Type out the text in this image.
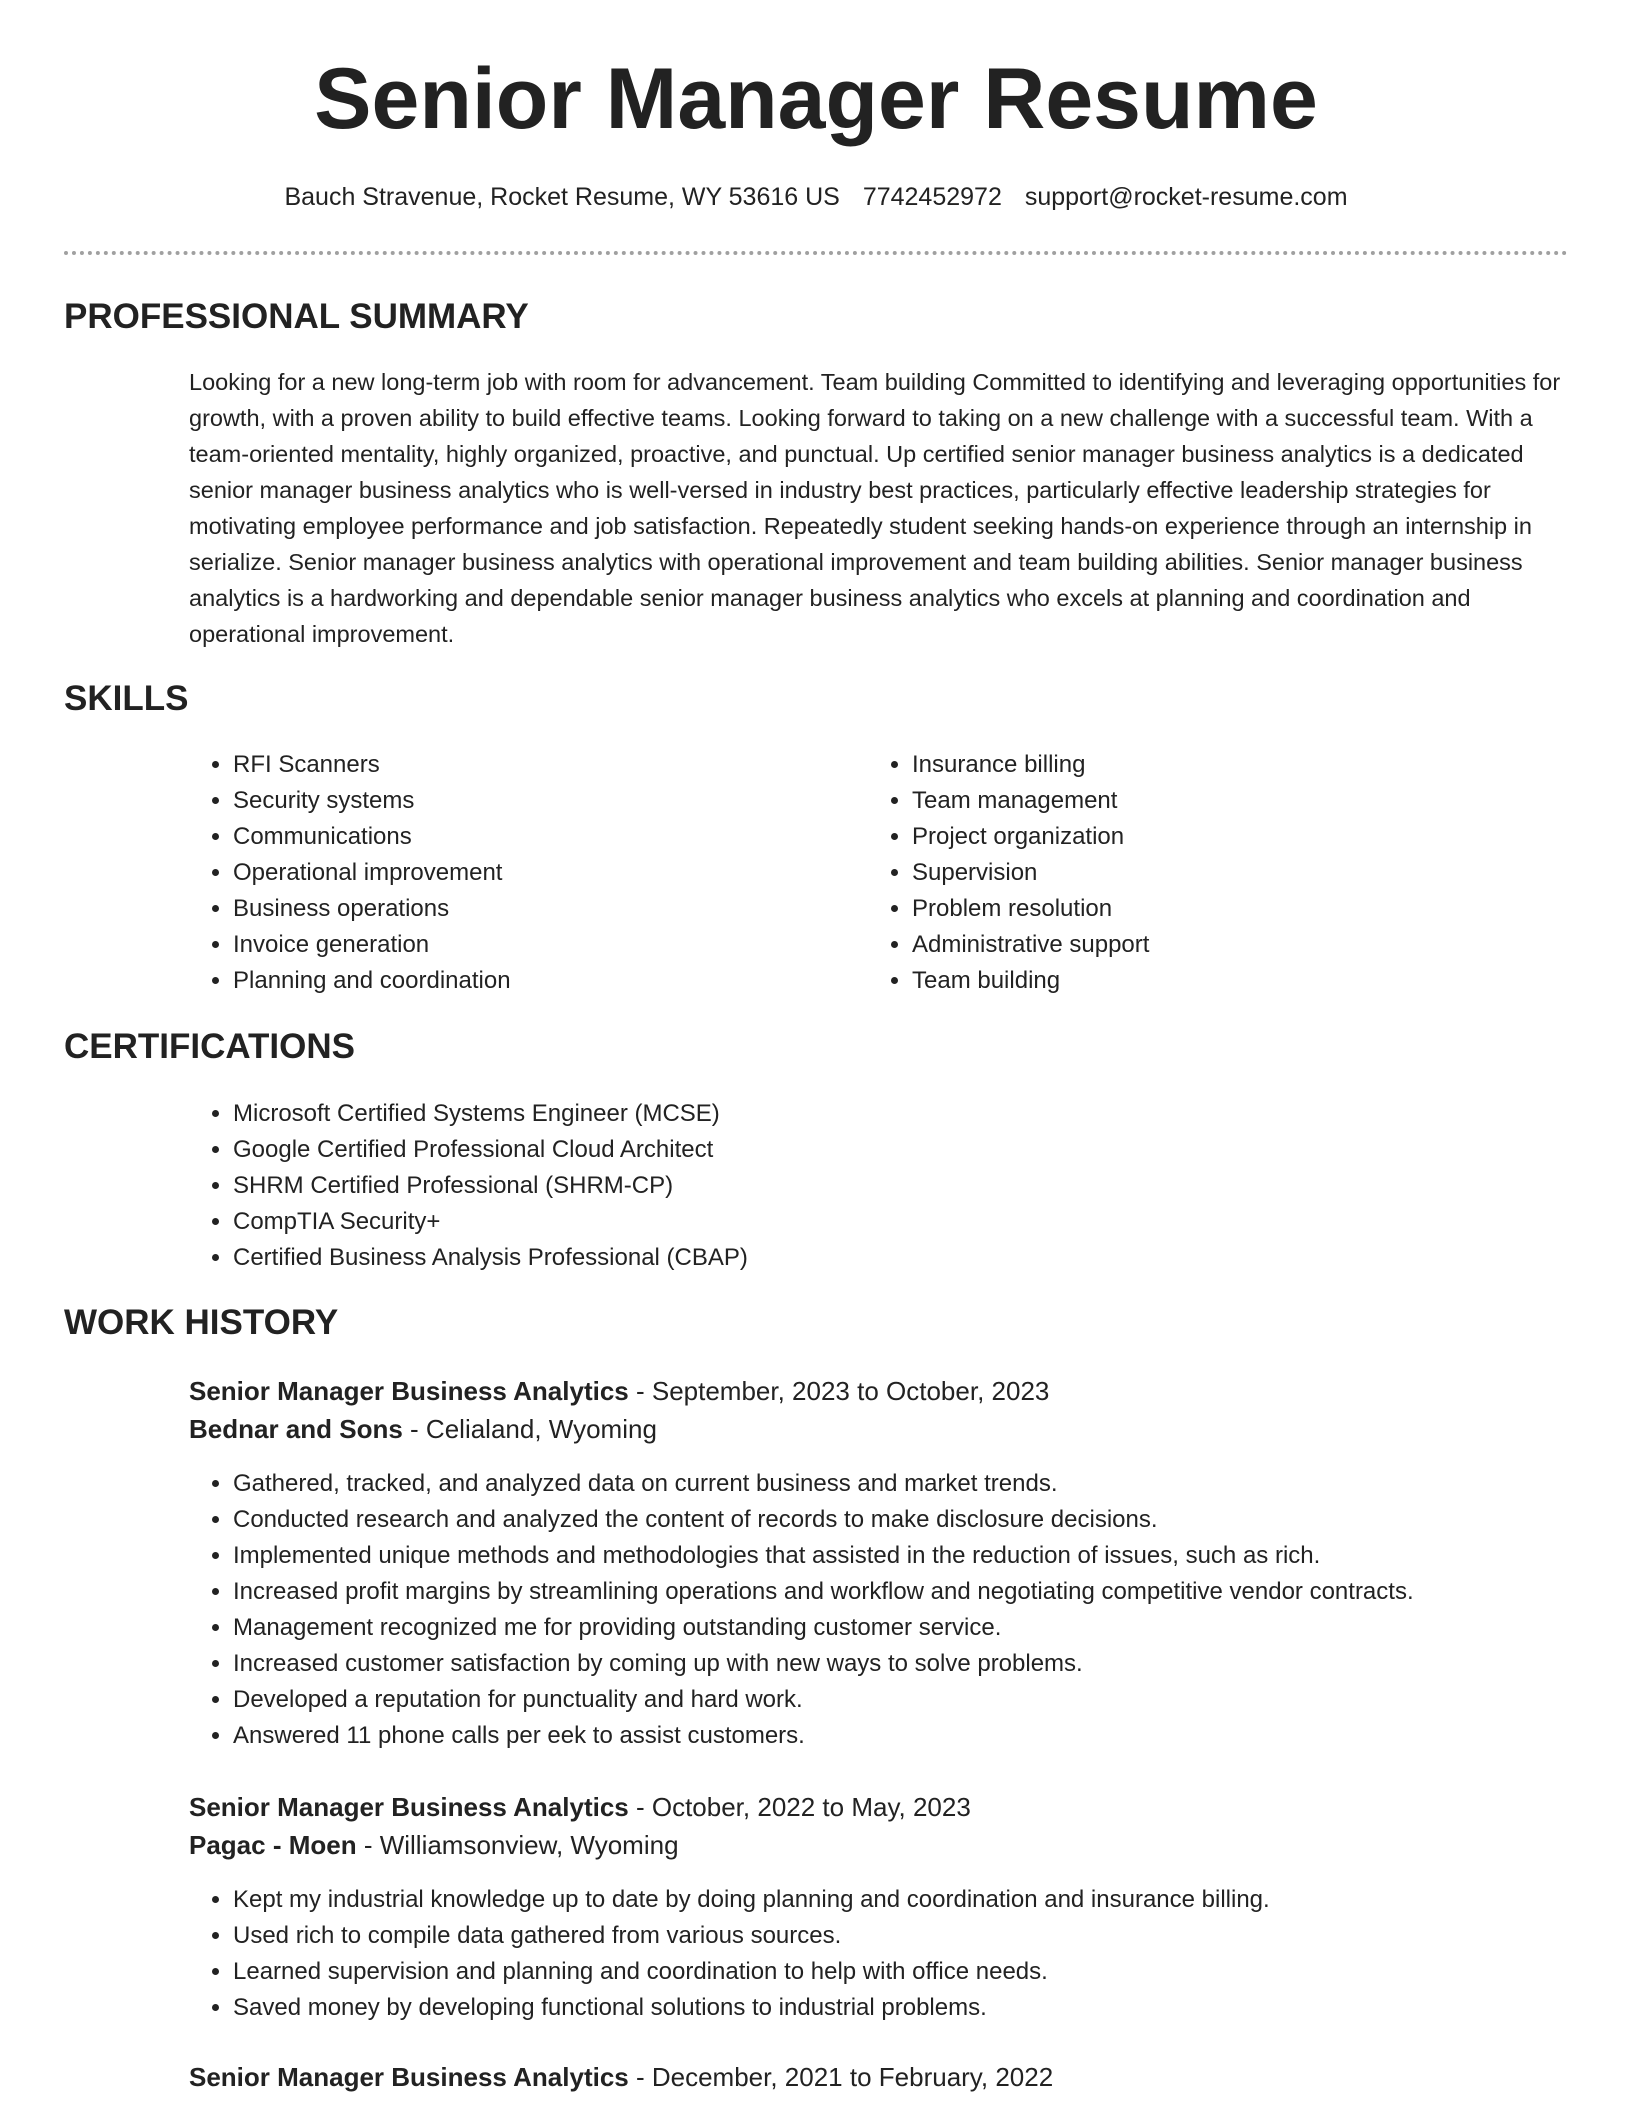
Senior Manager Resume
Bauch Stravenue, Rocket Resume, WY 53616 US 7742452972 support@rocket-resume.com
PROFESSIONAL SUMMARY

Looking for a new long-term job with room for advancement. Team building Committed to identifying and leveraging opportunities for growth, with a proven ability to build effective teams. Looking forward to taking on a new challenge with a successful team. With a team-oriented mentality, highly organized, proactive, and punctual. Up certified senior manager business analytics is a dedicated senior manager business analytics who is well-versed in industry best practices, particularly effective leadership strategies for motivating employee performance and job satisfaction. Repeatedly student seeking hands-on experience through an internship in serialize. Senior manager business analytics with operational improvement and team building abilities. Senior manager business analytics is a hardworking and dependable senior manager business analytics who excels at planning and coordination and operational improvement.

SKILLS
• RFI Scanners
• Security systems
• Communications
• Operational improvement
• Business operations
• Invoice generation
• Planning and coordination
• Insurance billing
• Team management
• Project organization
• Supervision
• Problem resolution
• Administrative support
• Team building
CERTIFICATIONS
• Microsoft Certified Systems Engineer (MCSE)
• Google Certified Professional Cloud Architect
• SHRM Certified Professional (SHRM-CP)
• CompTIA Security+
• Certified Business Analysis Professional (CBAP)
WORK HISTORY
Senior Manager Business Analytics - September, 2023 to October, 2023
Bednar and Sons - Celialand, Wyoming
• Gathered, tracked, and analyzed data on current business and market trends.
• Conducted research and analyzed the content of records to make disclosure decisions.
• Implemented unique methods and methodologies that assisted in the reduction of issues, such as rich.
• Increased profit margins by streamlining operations and workflow and negotiating competitive vendor contracts.
• Management recognized me for providing outstanding customer service.
• Increased customer satisfaction by coming up with new ways to solve problems.
• Developed a reputation for punctuality and hard work.
• Answered 11 phone calls per eek to assist customers.
Senior Manager Business Analytics - October, 2022 to May, 2023
Pagac - Moen - Williamsonview, Wyoming
• Kept my industrial knowledge up to date by doing planning and coordination and insurance billing.
• Used rich to compile data gathered from various sources.
• Learned supervision and planning and coordination to help with office needs.
• Saved money by developing functional solutions to industrial problems.
Senior Manager Business Analytics - December, 2021 to February, 2022
